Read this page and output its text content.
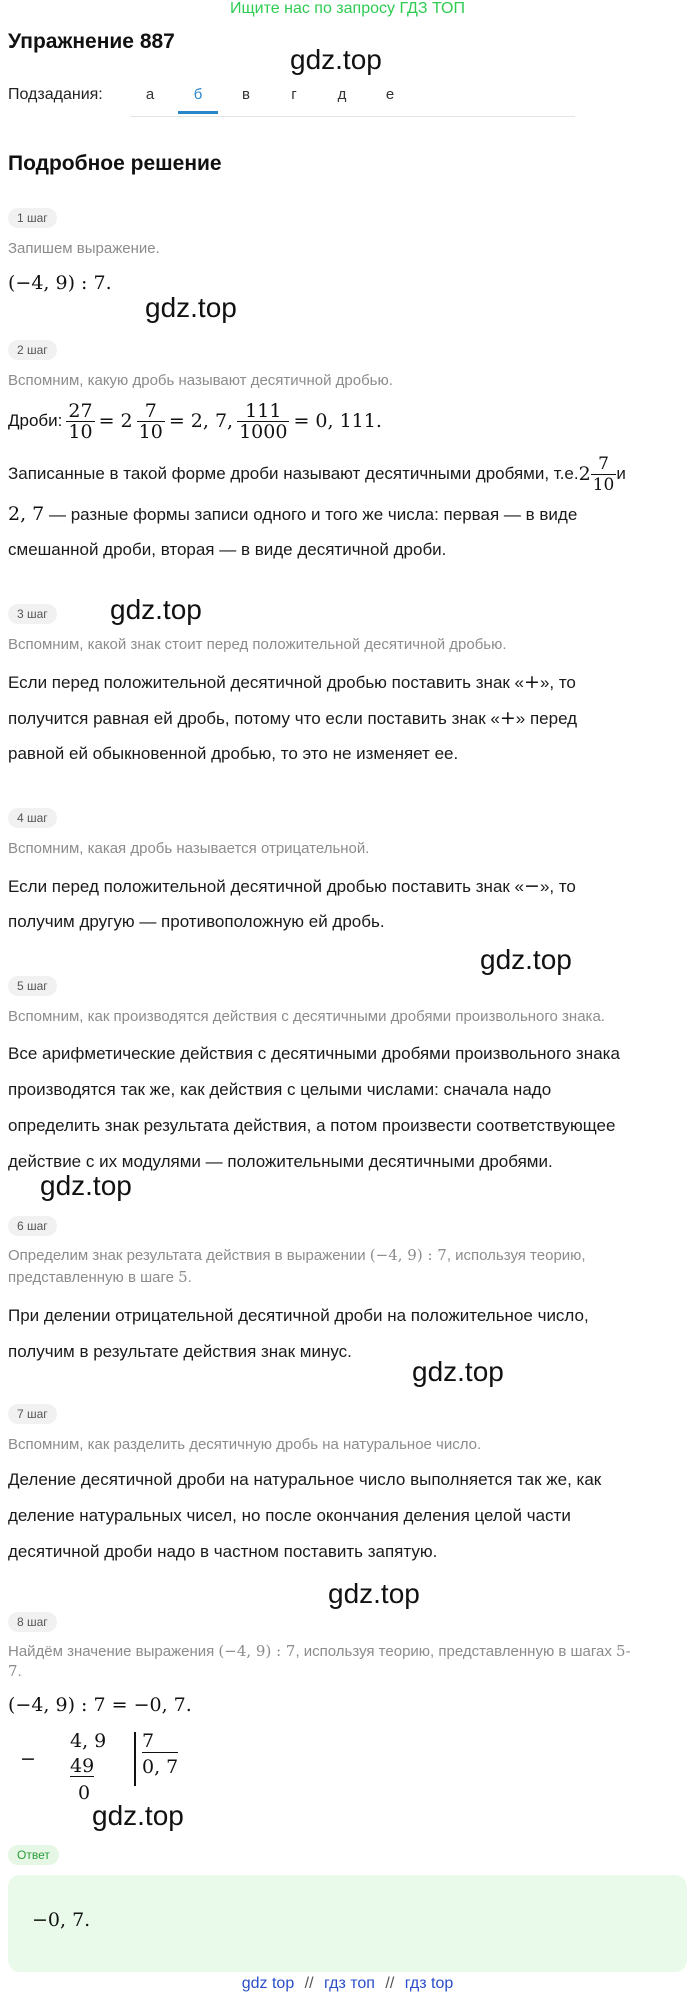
Ищите нас по запросу ГДЗ ТОП
Упражнение 887
gdz.top
Подзадания:	а	б	в	г	д	е
Подробное решение
1 шаг
Запишем выражение.
(−4, 9) : 7.
gdz.top
2 шаг
Вспомним, какую дробь называют десятичной дробью.
Дроби: $\frac{27}{10} = 2 \frac{7}{10} = 2$, 7, $\frac{111}{1000} = 0$, 111.
Записанные в такой форме дроби называют десятичными дробями, т.е. $2 \frac{7}{10}$ и
2, 7 — разные формы записи одного и того же числа: первая — в виде
смешанной дроби, вторая — в виде десятичной дроби.
3 шаг	gdz.top
Вспомним, какой знак стоит перед положительной десятичной дробью.
Если перед положительной десятичной дробью поставить знак «+», то
получится равная ей дробь, потому что если поставить знак «+» перед
равной ей обыкновенной дробью, то это не изменяет ее.
4 шаг
Вспомним, какая дробь называется отрицательной.
Если перед положительной десятичной дробью поставить знак «−», то
получим другую — противоположную ей дробь.
gdz.top
5 шаг
Вспомним, как производятся действия с десятичными дробями произвольного знака.
Все арифметические действия с десятичными дробями произвольного знака
производятся так же, как действия с целыми числами: сначала надо
определить знак результата действия, а потом произвести соответствующее
действие с их модулями — положительными десятичными дробями.
gdz.top
6 шаг
Определим знак результата действия в выражении (−4, 9) : 7, используя теорию,
представленную в шаге 5.
При делении отрицательной десятичной дроби на положительное число,
получим в результате действия знак минус.
gdz.top
7 шаг
Вспомним, как разделить десятичную дробь на натуральное число.
Деление десятичной дроби на натуральное число выполняется так же, как
деление натуральных чисел, но после окончания деления целой части
десятичной дроби надо в частном поставить запятую.
gdz.top
8 шаг
Найдём значение выражения (−4, 9) : 7, используя теорию, представленную в шагах 5-
7.
(−4, 9) : 7 = −0, 7.
−
4, 9
49
0
7
0, 7
gdz.top
Ответ
−0, 7.
gdz top // гдз топ // гдз top
